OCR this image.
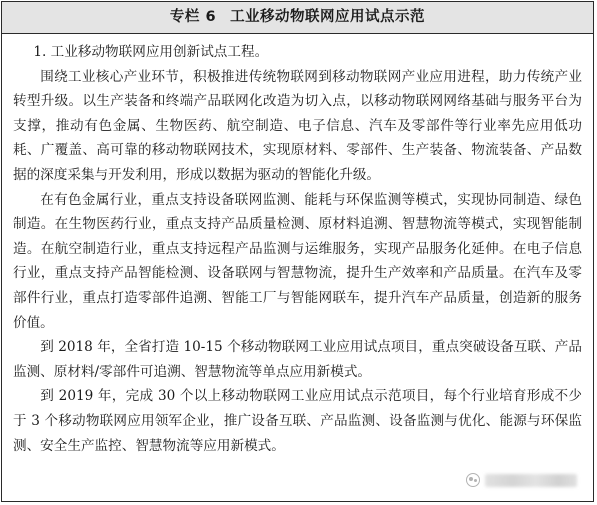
专栏 6 工业移动物联网应用试点示范

1. 工业移动物联网应用创新试点工程。

围绕工业核心产业环节，积极推进传统物联网到移动物联网产业应用进程，助力传统产业转型升级。以生产装备和终端产品联网化改造为切入点，以移动物联网网络基础与服务平台为支撑，推动有色金属、生物医药、航空制造、电子信息、汽车及零部件等行业率先应用低功耗、广覆盖、高可靠的移动物联网技术，实现原材料、零部件、生产装备、物流装备、产品数据的深度采集与开发利用，形成以数据为驱动的智能化升级。

在有色金属行业，重点支持设备联网监测、能耗与环保监测等模式，实现协同制造、绿色制造。在生物医药行业，重点支持产品质量检测、原材料追溯、智慧物流等模式，实现智能制造。在航空制造行业，重点支持远程产品监测与运维服务，实现产品服务化延伸。在电子信息行业，重点支持产品智能检测、设备联网与智慧物流，提升生产效率和产品质量。在汽车及零部件行业，重点打造零部件追溯、智能工厂与智能网联车，提升汽车产品质量，创造新的服务价值。

到 2018 年，全省打造 10-15 个移动物联网工业应用试点项目，重点突破设备互联、产品监测、原材料/零部件可追溯、智慧物流等单点应用新模式。

到 2019 年，完成 30 个以上移动物联网工业应用试点示范项目，每个行业培育形成不少于 3 个移动物联网应用领军企业，推广设备互联、产品监测、设备监测与优化、能源与环保监测、安全生产监控、智慧物流等应用新模式。
